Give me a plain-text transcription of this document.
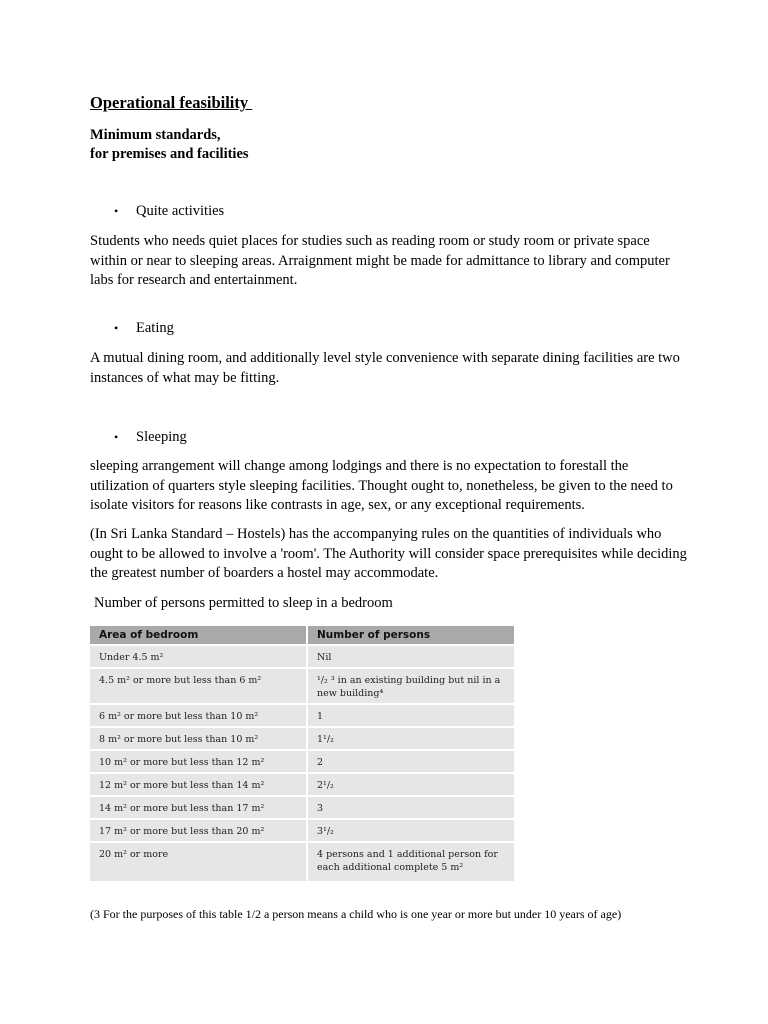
Operational feasibility
Minimum standards,
for premises and facilities
• Quite activities
Students who needs quiet places for studies such as reading room or study room or private space within or near to sleeping areas. Arraignment might be made for admittance to library and computer labs for research and entertainment.
• Eating
A mutual dining room, and additionally level style convenience with separate dining facilities are two instances of what may be fitting.
• Sleeping
sleeping arrangement will change among lodgings and there is no expectation to forestall the utilization of quarters style sleeping facilities. Thought ought to, nonetheless, be given to the need to isolate visitors for reasons like contrasts in age, sex, or any exceptional requirements.
(In Sri Lanka Standard – Hostels) has the accompanying rules on the quantities of individuals who ought to be allowed to involve a 'room'. The Authority will consider space prerequisites while deciding the greatest number of boarders a hostel may accommodate.
Number of persons permitted to sleep in a bedroom
Area of bedroom	Number of persons
Under 4.5 m²	Nil
4.5 m² or more but less than 6 m²	¹/₂ ³ in an existing building but nil in a new building⁴
6 m² or more but less than 10 m²	1
8 m² or more but less than 10 m²	1¹/₂
10 m² or more but less than 12 m²	2
12 m² or more but less than 14 m²	2¹/₂
14 m² or more but less than 17 m²	3
17 m² or more but less than 20 m²	3¹/₂
20 m² or more	4 persons and 1 additional person for each additional complete 5 m²
(3 For the purposes of this table 1/2 a person means a child who is one year or more but under 10 years of age)
